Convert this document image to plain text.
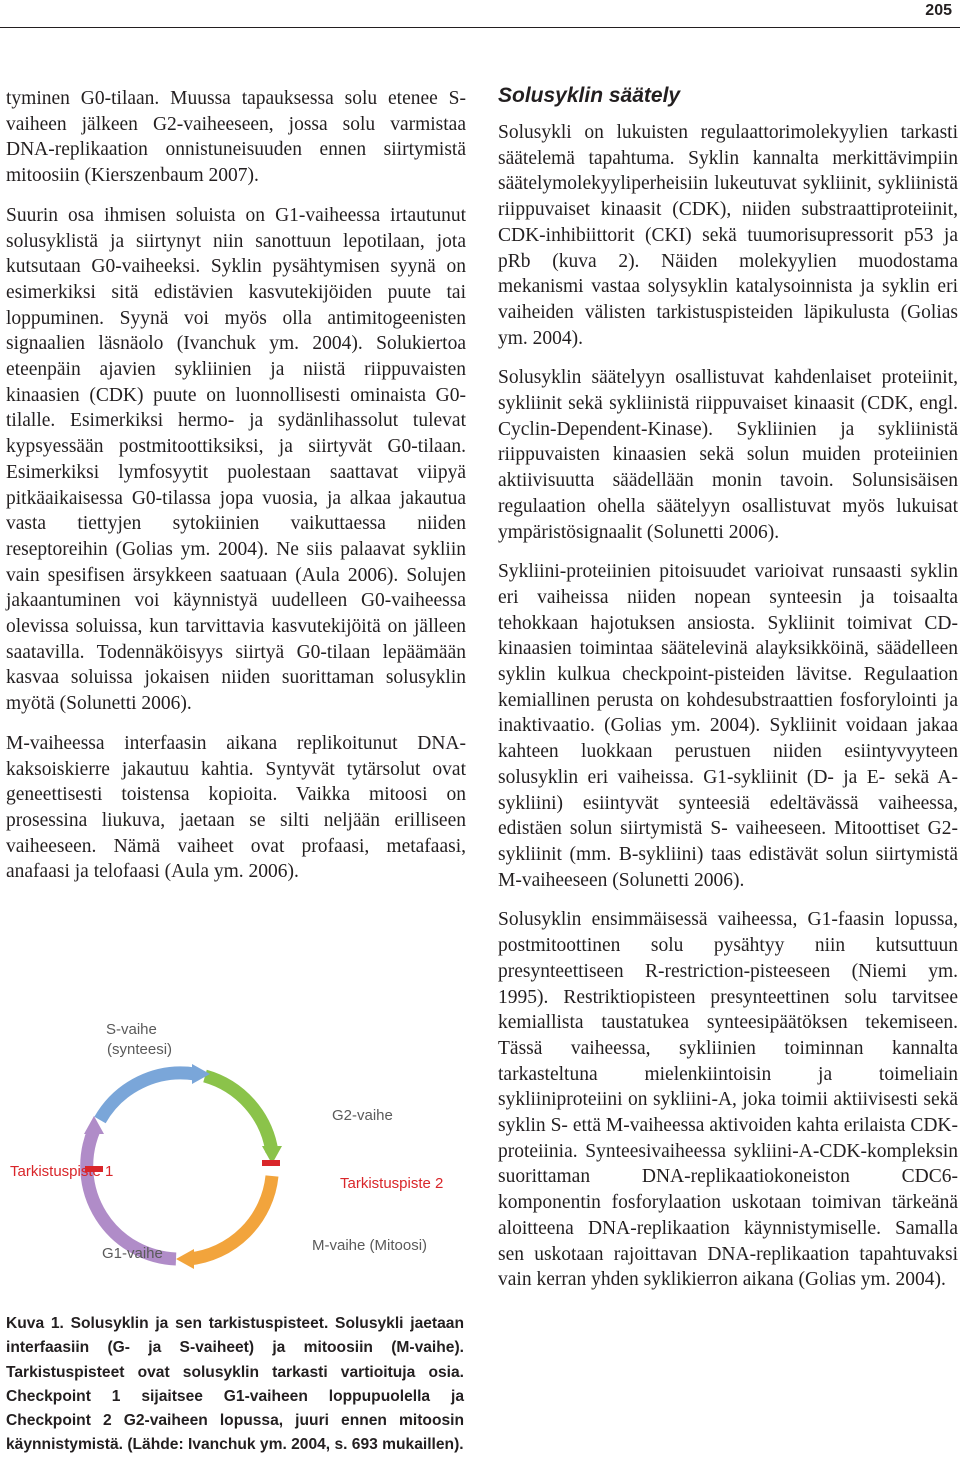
205

tyminen G0-tilaan. Muussa tapauksessa solu etenee S-vaiheen jälkeen G2-vaiheeseen, jossa solu varmistaa DNA-replikaation onnistuneisuuden ennen siirtymistä mitoosiin (Kierszenbaum 2007).

Suurin osa ihmisen soluista on G1-vaiheessa irtautunut solusyklistä ja siirtynyt niin sanottuun lepotilaan, jota kutsutaan G0-vaiheeksi. Syklin pysähtymisen syynä on esimerkiksi sitä edistävien kasvutekijöiden puute tai loppuminen. Syynä voi myös olla antimitogeenisten signaalien läsnäolo (Ivanchuk ym. 2004). Solukiertoa eteenpäin ajavien sykliinien ja niistä riippuvaisten kinaasien (CDK) puute on luonnollisesti ominaista G0-tilalle. Esimerkiksi hermo- ja sydänlihassolut tulevat kypsyessään postmitoottiksiksi, ja siirtyvät G0-tilaan. Esimerkiksi lymfosyytit puolestaan saattavat viipyä pitkäaikaisessa G0-tilassa jopa vuosia, ja alkaa jakautua vasta tiettyjen sytokiinien vaikuttaessa niiden reseptoreihin (Golias ym. 2004). Ne siis palaavat sykliin vain spesifisen ärsykkeen saatuaan (Aula 2006). Solujen jakaantuminen voi käynnistyä uudelleen G0-vaiheessa olevissa soluissa, kun tarvittavia kasvutekijöitä on jälleen saatavilla. Todennäköisyys siirtyä G0-tilaan lepäämään kasvaa soluissa jokaisen niiden suorittaman solusyklin myötä (Solunetti 2006).

M-vaiheessa interfaasin aikana replikoitunut DNA-kaksoiskierre jakautuu kahtia. Syntyvät tytärsolut ovat geneettisesti toistensa kopioita. Vaikka mitoosi on prosessina liukuva, jaetaan se silti neljään erilliseen vaiheeseen. Nämä vaiheet ovat profaasi, metafaasi, anafaasi ja telofaasi (Aula ym. 2006).

S-vaihe
(synteesi)
G2-vaihe
Tarkistuspiste 1
Tarkistuspiste 2
G1-vaihe	M-vaihe (Mitoosi)
Kuva 1. Solusyklin ja sen tarkistuspisteet. Solusykli jaetaan interfaasiin (G- ja S-vaiheet) ja mitoosiin (M-vaihe). Tarkistuspisteet ovat solusyklin tarkasti vartioituja osia. Checkpoint 1 sijaitsee G1-vaiheen loppupuolella ja Checkpoint 2 G2-vaiheen lopussa, juuri ennen mitoosin käynnistymistä. (Lähde: Ivanchuk ym. 2004, s. 693 mukaillen).
Solusyklin säätely

Solusykli on lukuisten regulaattorimolekyylien tarkasti säätelemä tapahtuma. Syklin kannalta merkittävimpiin säätelymolekyyliperheisiin lukeutuvat sykliinit, sykliinistä riippuvaiset kinaasit (CDK), niiden substraattiproteiinit, CDK-inhibiittorit (CKI) sekä tuumorisupressorit p53 ja pRb (kuva 2). Näiden molekyylien muodostama mekanismi vastaa solysyklin katalysoinnista ja syklin eri vaiheiden välisten tarkistuspisteiden läpikulusta (Golias ym. 2004).

Solusyklin säätelyyn osallistuvat kahdenlaiset proteiinit, sykliinit sekä sykliinistä riippuvaiset kinaasit (CDK, engl. Cyclin-Dependent-Kinase). Sykliinien ja sykliinistä riippuvaisten kinaasien sekä solun muiden proteiinien aktiivisuutta säädellään monin tavoin. Solunsisäisen regulaation ohella säätelyyn osallistuvat myös lukuisat ympäristösignaalit (Solunetti 2006).

Sykliini-proteiinien pitoisuudet varioivat runsaasti syklin eri vaiheissa niiden nopean synteesin ja toisaalta tehokkaan hajotuksen ansiosta. Sykliinit toimivat CD-kinaasien toimintaa säätelevinä alayksikköinä, säädelleen syklin kulkua checkpoint-pisteiden lävitse. Regulaation kemiallinen perusta on kohdesubstraattien fosforylointi ja inaktivaatio. (Golias ym. 2004). Sykliinit voidaan jakaa kahteen luokkaan perustuen niiden esiintyvyyteen solusyklin eri vaiheissa. G1-sykliinit (D- ja E- sekä A-sykliini) esiintyvät synteesiä edeltävässä vaiheessa, edistäen solun siirtymistä S- vaiheeseen. Mitoottiset G2-sykliinit (mm. B-sykliini) taas edistävät solun siirtymistä M-vaiheeseen (Solunetti 2006).

Solusyklin ensimmäisessä vaiheessa, G1-faasin lopussa, postmitoottinen solu pysähtyy niin kutsuttuun presynteettiseen R-restriction-pisteeseen (Niemi ym. 1995). Restriktiopisteen presynteettinen solu tarvitsee kemiallista taustatukea synteesipäätöksen tekemiseen. Tässä vaiheessa, sykliinien toiminnan kannalta tarkasteltuna mielenkiintoisin ja toimeliain sykliiniproteiini on sykliini-A, joka toimii aktiivisesti sekä syklin S- että M-vaiheessa aktivoiden kahta erilaista CDK- proteiinia. Synteesivaiheessa sykliini-A-CDK-kompleksin suorittaman DNA-replikaatiokoneiston CDC6-komponentin fosforylaation uskotaan toimivan tärkeänä aloitteena DNA-replikaation käynnistymiselle. Samalla sen uskotaan rajoittavan DNA-replikaation tapahtuvaksi vain kerran yhden syklikierron aikana (Golias ym. 2004).
